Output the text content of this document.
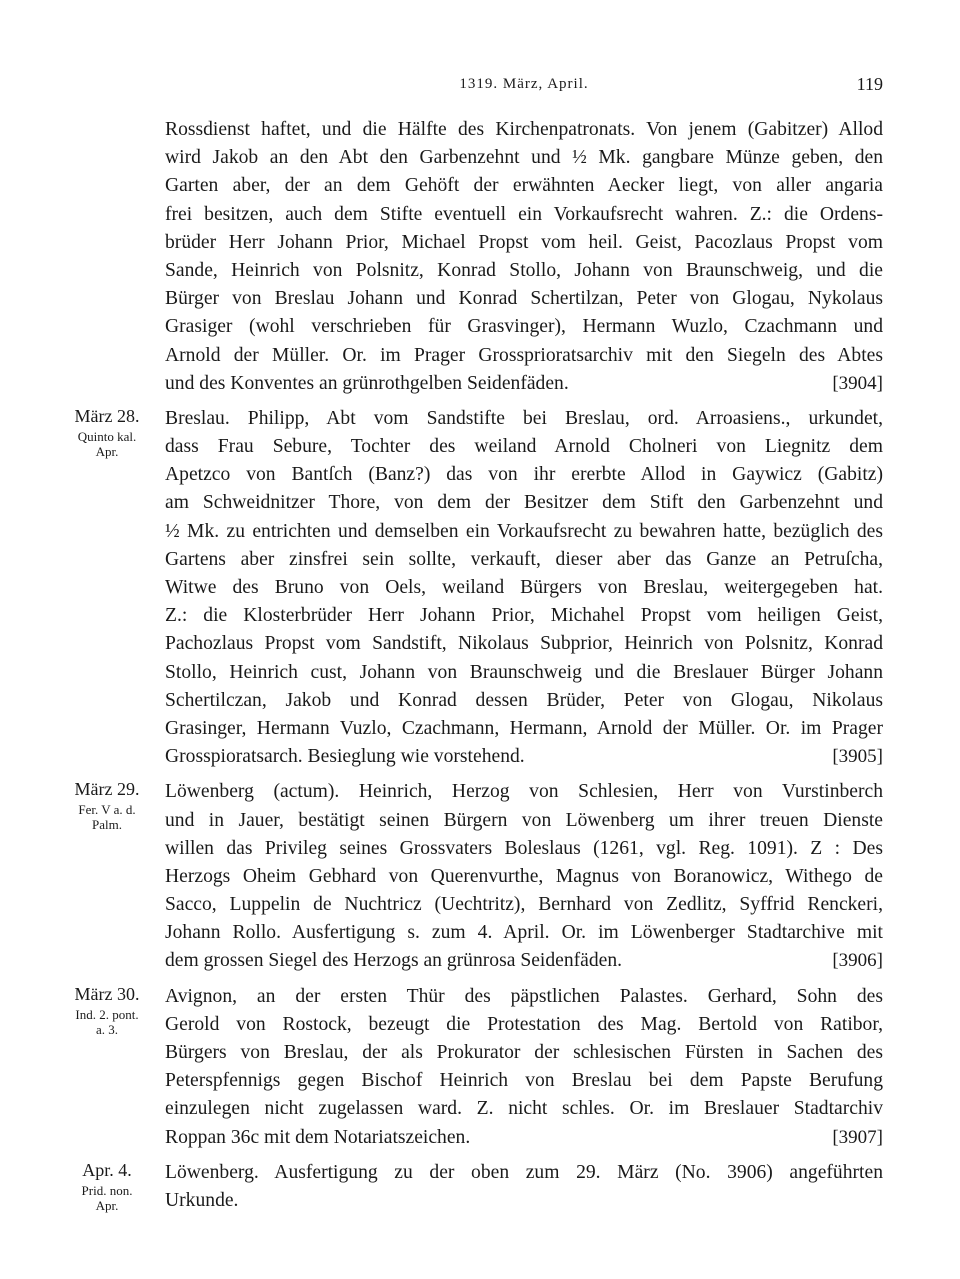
1319. März, April.	119
Rossdienst haftet, und die Hälfte des Kirchenpatronats. Von jenem (Gabitzer) Allod
wird Jakob an den Abt den Garbenzehnt und ½ Mk. gangbare Münze geben, den
Garten aber, der an dem Gehöft der erwähnten Aecker liegt, von aller angaria
frei besitzen, auch dem Stifte eventuell ein Vorkaufsrecht wahren. Z.: die Ordens-
brüder Herr Johann Prior, Michael Propst vom heil. Geist, Pacozlaus Propst vom
Sande, Heinrich von Polsnitz, Konrad Stollo, Johann von Braunschweig, und die
Bürger von Breslau Johann und Konrad Schertilzan, Peter von Glogau, Nykolaus
Grasiger (wohl verschrieben für Grasvinger), Hermann Wuzlo, Czachmann und
Arnold der Müller. Or. im Prager Grossprioratsarchiv mit den Siegeln des Abtes
und des Konventes an grünrothgelben Seidenfäden.	[3904]
März 28.
Quinto kal.
Apr.
Breslau. Philipp, Abt vom Sandstifte bei Breslau, ord. Arroasiens., urkundet,
dass Frau Sebure, Tochter des weiland Arnold Cholneri von Liegnitz dem
Apetzco von Bantſch (Banz?) das von ihr ererbte Allod in Gaywicz (Gabitz)
am Schweidnitzer Thore, von dem der Besitzer dem Stift den Garbenzehnt und
½ Mk. zu entrichten und demselben ein Vorkaufsrecht zu bewahren hatte, bezüglich des
Gartens aber zinsfrei sein sollte, verkauft, dieser aber das Ganze an Petruſcha,
Witwe des Bruno von Oels, weiland Bürgers von Breslau, weitergegeben hat.
Z.: die Klosterbrüder Herr Johann Prior, Michahel Propst vom heiligen Geist,
Pachozlaus Propst vom Sandstift, Nikolaus Subprior, Heinrich von Polsnitz, Konrad
Stollo, Heinrich cust, Johann von Braunschweig und die Breslauer Bürger Johann
Schertilczan, Jakob und Konrad dessen Brüder, Peter von Glogau, Nikolaus
Grasinger, Hermann Vuzlo, Czachmann, Hermann, Arnold der Müller. Or. im Prager
Grosspioratsarch. Besieglung wie vorstehend.	[3905]
März 29.
Fer. V a. d.
Palm.
Löwenberg (actum). Heinrich, Herzog von Schlesien, Herr von Vurstinberch
und in Jauer, bestätigt seinen Bürgern von Löwenberg um ihrer treuen Dienste
willen das Privileg seines Grossvaters Boleslaus (1261, vgl. Reg. 1091). Z : Des
Herzogs Oheim Gebhard von Querenvurthe, Magnus von Boranowicz, Withego de
Sacco, Luppelin de Nuchtricz (Uechtritz), Bernhard von Zedlitz, Syffrid Renckeri,
Johann Rollo. Ausfertigung s. zum 4. April. Or. im Löwenberger Stadtarchive mit
dem grossen Siegel des Herzogs an grünrosa Seidenfäden.	[3906]
März 30.
Ind. 2. pont.
a. 3.
Avignon, an der ersten Thür des päpstlichen Palastes. Gerhard, Sohn des
Gerold von Rostock, bezeugt die Protestation des Mag. Bertold von Ratibor,
Bürgers von Breslau, der als Prokurator der schlesischen Fürsten in Sachen des
Peterspfennigs gegen Bischof Heinrich von Breslau bei dem Papste Berufung
einzulegen nicht zugelassen ward. Z. nicht schles. Or. im Breslauer Stadtarchiv
Roppan 36c mit dem Notariatszeichen.	[3907]
Apr. 4.
Prid. non.
Apr.
Löwenberg. Ausfertigung zu der oben zum 29. März (No. 3906) angeführten
Urkunde.
